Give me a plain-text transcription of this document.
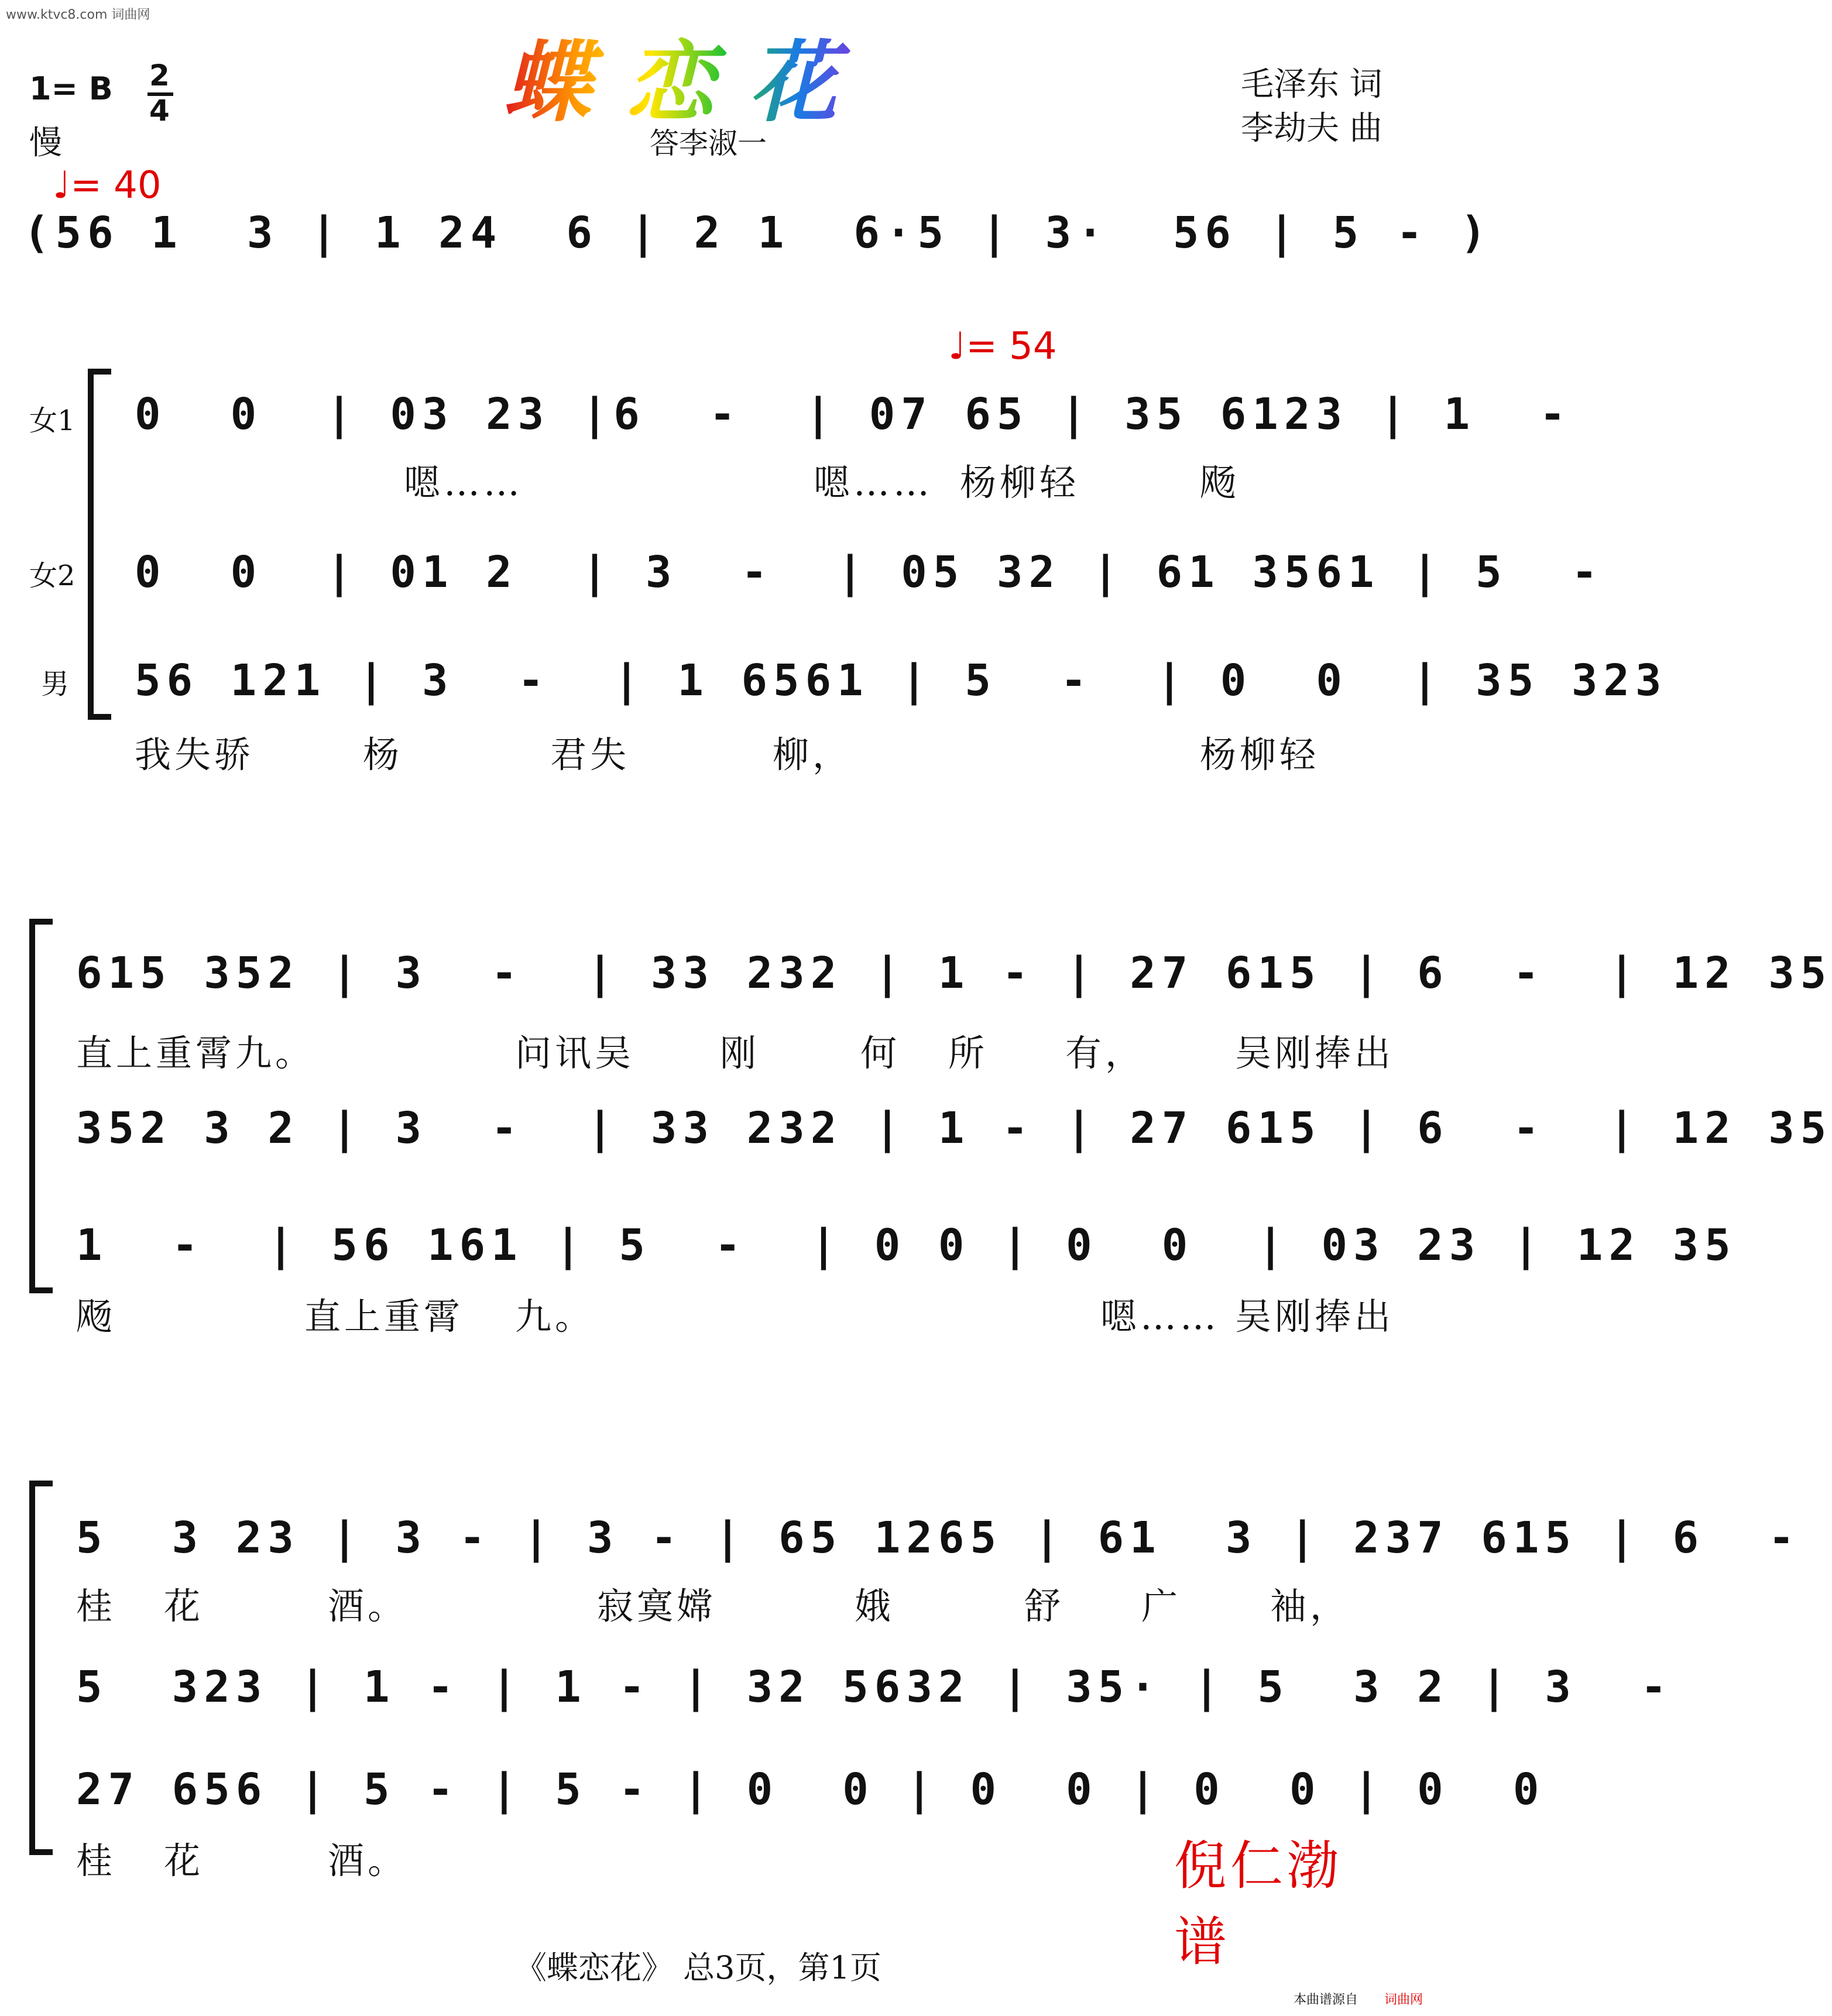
www.ktvc8.com 词曲网
1= B 2
4
慢
蝶恋花
答李淑一
毛泽东 词
李劫夫 曲
♩= 40
(56 1  3 | 1 24  6 | 2 1  6·5 | 3·  56 | 5 - )
♩= 54
女1
女2
男
0  0  | 03 23 |6  -  | 07 65 | 35 6123 | 1  -
嗯……	嗯…… 杨柳轻	飏
0  0  | 01 2  | 3  -  | 05 32 | 61 3561 | 5  -
56 121 | 3  -  | 1 6561 | 5  -  | 0  0  | 35 323
我失骄	杨	君失	柳，	杨柳轻
615 352 | 3  -  | 33 232 | 1 - | 27 615 | 6  -  | 12 35
直上重霄九。	问讯吴 刚	何 所 有， 吴刚捧出
352 3 2 | 3  -  | 33 232 | 1 - | 27 615 | 6  -  | 12 35
1  -  | 56 161 | 5  -  | 0 0 | 0  0  | 03 23 | 12 35
飏	直上重霄 九。	嗯…… 吴刚捧出
5  3 23 | 3 - | 3 - | 65 1265 | 61  3 | 237 615 | 6  -
桂 花	酒。	寂寞嫦	娥	舒 广 袖，
5  323 | 1 - | 1 - | 32 5632 | 35· | 5  3 2 | 3  -
27 656 | 5 - | 5 - | 0  0 | 0  0 | 0  0 | 0  0
桂 花	酒。	倪仁渤谱
《蝶恋花》 总3页，第1页
本曲谱源自 词曲网
